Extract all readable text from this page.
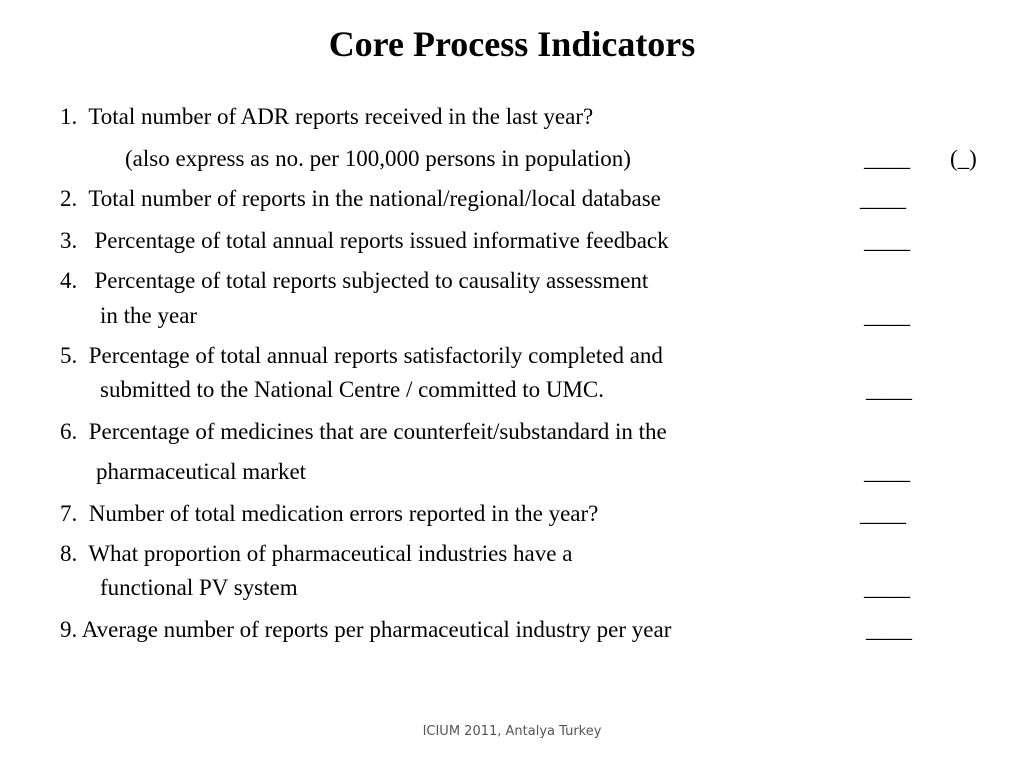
Core Process Indicators
1.  Total number of ADR reports received in the last year?
(also express as no. per 100,000 persons in population)	____ (_)
2.  Total number of reports in the national/regional/local database	____
3.   Percentage of total annual reports issued informative feedback	____
4.   Percentage of total reports subjected to causality assessment
in the year	____
5.  Percentage of total annual reports satisfactorily completed and
submitted to the National Centre / committed to UMC.	____
6.  Percentage of medicines that are counterfeit/substandard in the
pharmaceutical market	____
7.  Number of total medication errors reported in the year?	____
8.  What proportion of pharmaceutical industries have a
functional PV system	____
9. Average number of reports per pharmaceutical industry per year	____
ICIUM 2011, Antalya Turkey
